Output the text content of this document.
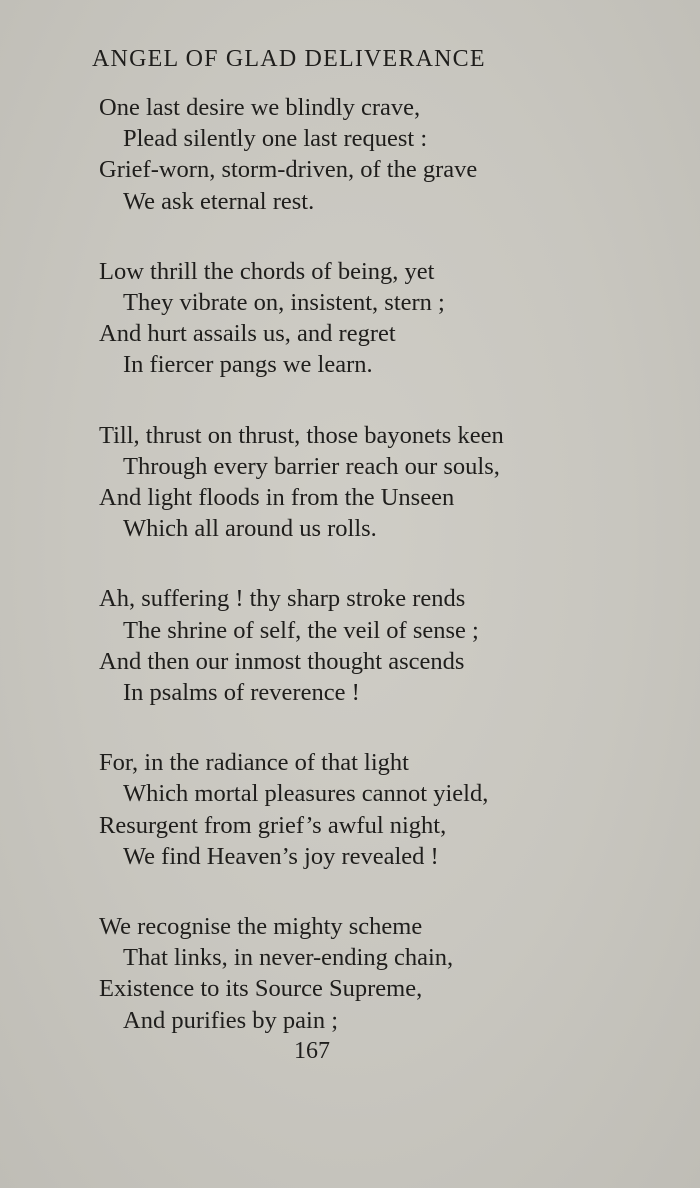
ANGEL OF GLAD DELIVERANCE
One last desire we blindly crave,
Plead silently one last request :
Grief-worn, storm-driven, of the grave
We ask eternal rest.
Low thrill the chords of being, yet
They vibrate on, insistent, stern ;
And hurt assails us, and regret
In fiercer pangs we learn.
Till, thrust on thrust, those bayonets keen
Through every barrier reach our souls,
And light floods in from the Unseen
Which all around us rolls.
Ah, suffering ! thy sharp stroke rends
The shrine of self, the veil of sense ;
And then our inmost thought ascends
In psalms of reverence !
For, in the radiance of that light
Which mortal pleasures cannot yield,
Resurgent from grief’s awful night,
We find Heaven’s joy revealed !
We recognise the mighty scheme
That links, in never-ending chain,
Existence to its Source Supreme,
And purifies by pain ;
167
